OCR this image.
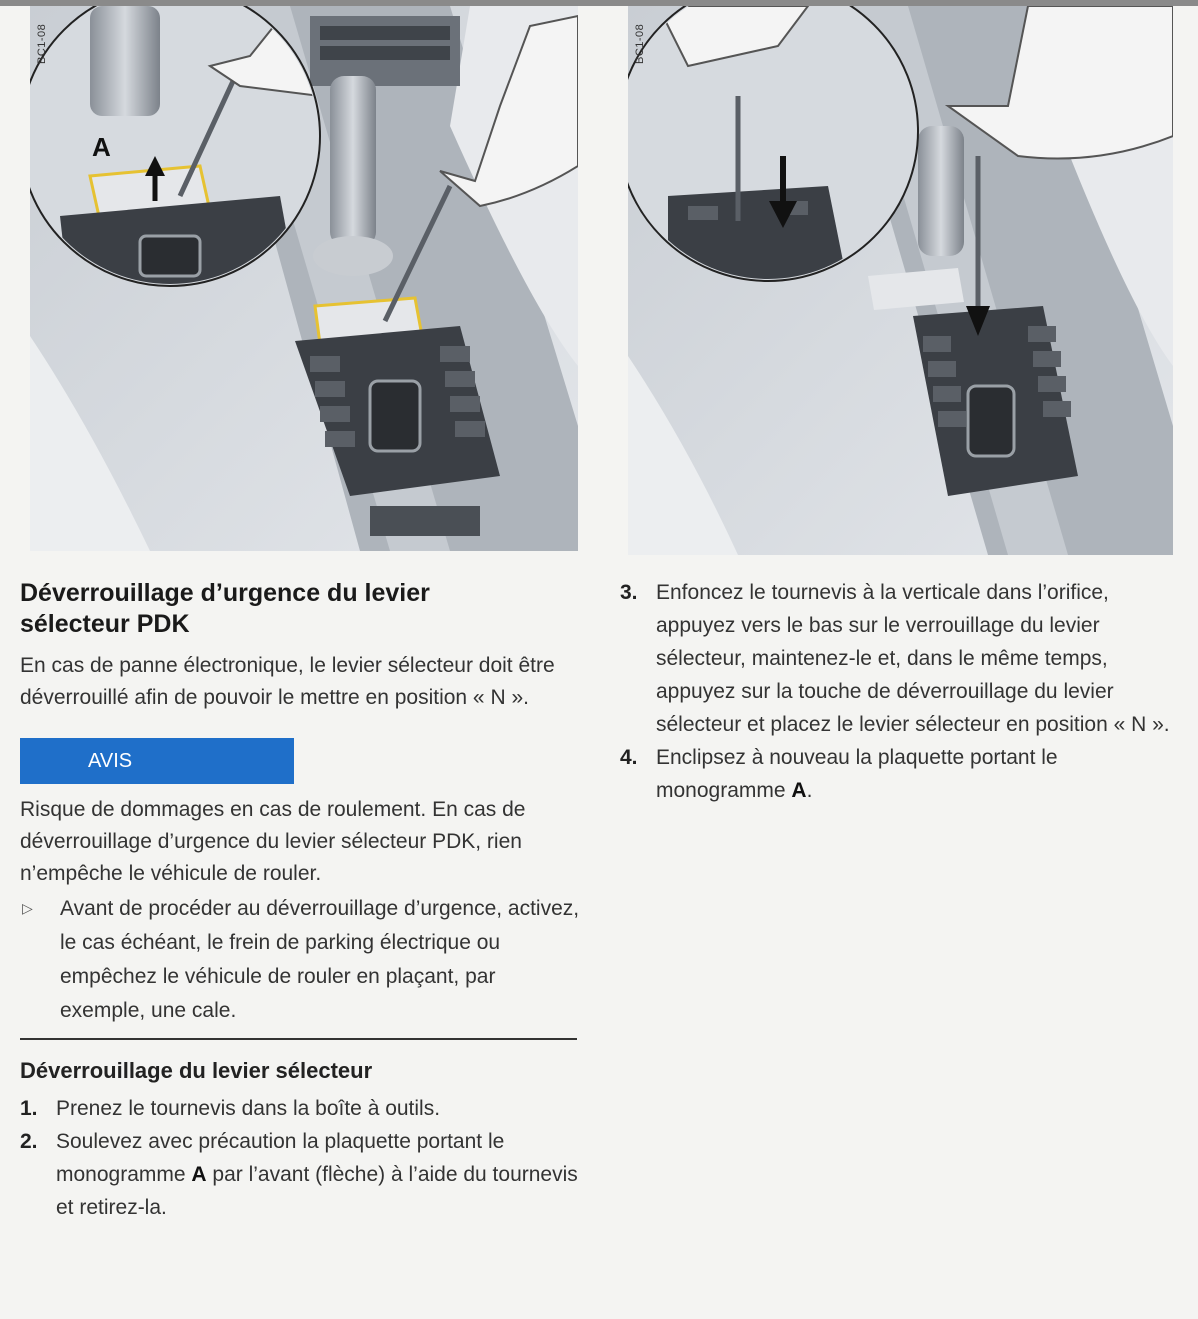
A
BC1-08	BC1-08
Déverrouillage d’urgence du levier sélecteur PDK

En cas de panne électronique, le levier sélecteur doit être déverrouillé afin de pouvoir le mettre en position « N ».

AVIS

Risque de dommages en cas de roulement. En cas de déverrouillage d’urgence du levier sélecteur PDK, rien n’empêche le véhicule de rouler.

▷	Avant de procéder au déverrouillage d’urgence, activez, le cas échéant, le frein de parking électrique ou empêchez le véhicule de rouler en plaçant, par exemple, une cale.
Déverrouillage du levier sélecteur
1. Prenez le tournevis dans la boîte à outils.
2. Soulevez avec précaution la plaquette portant le monogramme A par l’avant (flèche) à l’aide du tournevis et retirez-la.
3. Enfoncez le tournevis à la verticale dans l’orifice, appuyez vers le bas sur le verrouillage du levier sélecteur, maintenez-le et, dans le même temps, appuyez sur la touche de déverrouillage du levier sélecteur et placez le levier sélecteur en position « N ».
4. Enclipsez à nouveau la plaquette portant le monogramme A.
